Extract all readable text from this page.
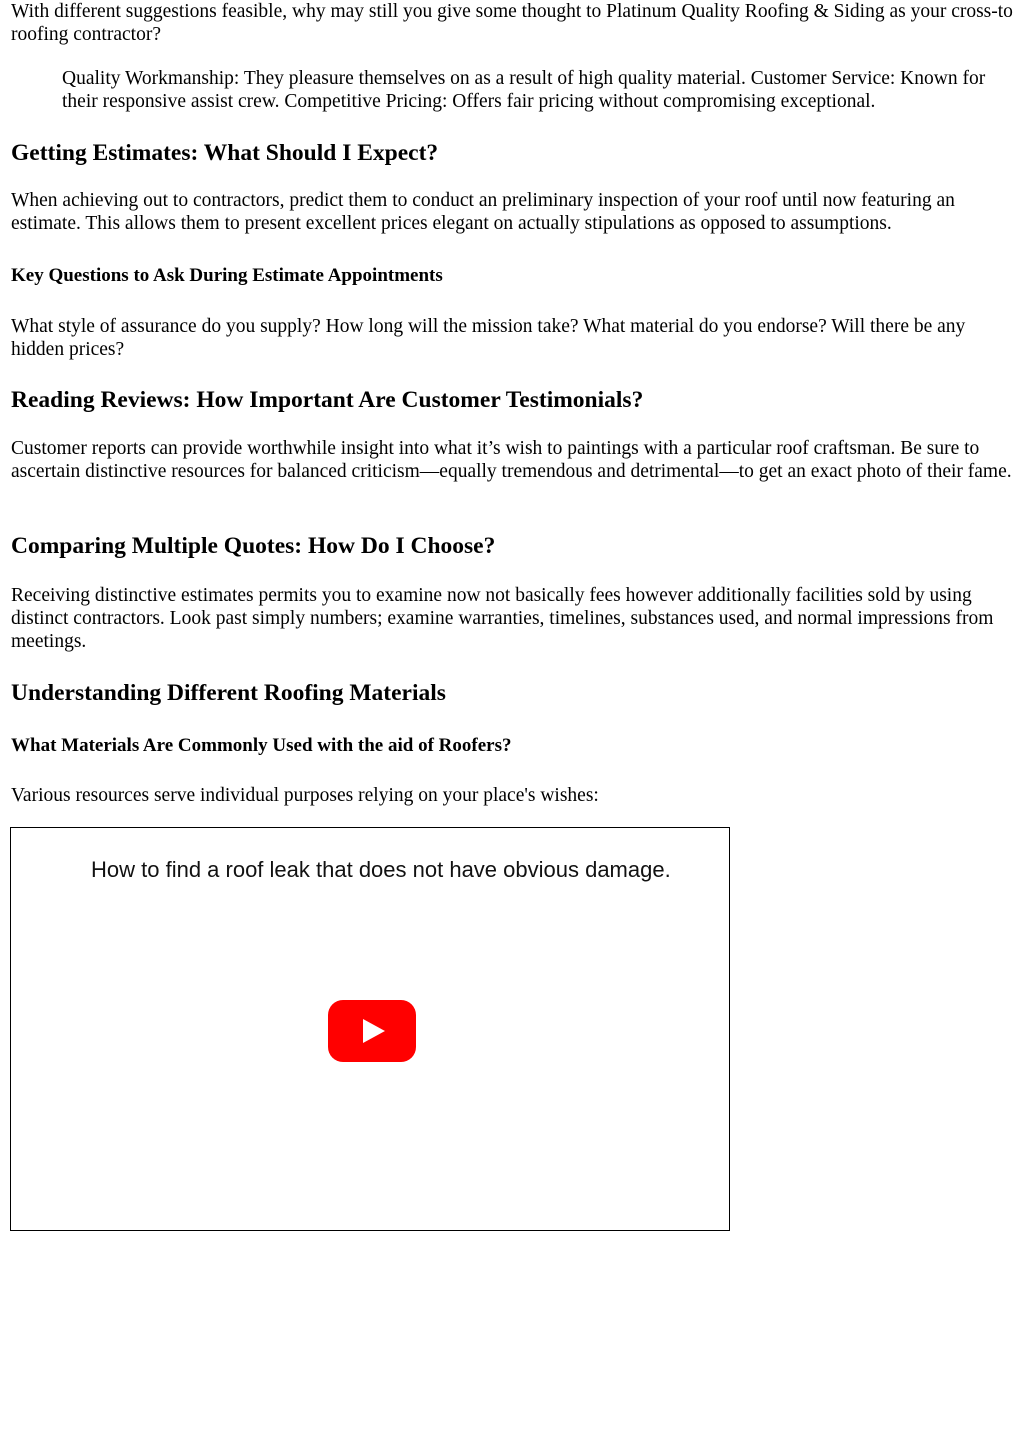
With different suggestions feasible, why may still you give some thought to Platinum Quality Roofing & Siding as your cross-to roofing contractor?

Quality Workmanship: They pleasure themselves on as a result of high quality material. Customer Service: Known for their responsive assist crew. Competitive Pricing: Offers fair pricing without compromising exceptional.

Getting Estimates: What Should I Expect?

When achieving out to contractors, predict them to conduct an preliminary inspection of your roof until now featuring an estimate. This allows them to present excellent prices elegant on actually stipulations as opposed to assumptions.

Key Questions to Ask During Estimate Appointments

What style of assurance do you supply? How long will the mission take? What material do you endorse? Will there be any hidden prices?

Reading Reviews: How Important Are Customer Testimonials?

Customer reports can provide worthwhile insight into what it’s wish to paintings with a particular roof craftsman. Be sure to ascertain distinctive resources for balanced criticism—equally tremendous and detrimental—to get an exact photo of their fame.

Comparing Multiple Quotes: How Do I Choose?

Receiving distinctive estimates permits you to examine now not basically fees however additionally facilities sold by using distinct contractors. Look past simply numbers; examine warranties, timelines, substances used, and normal impressions from meetings.

Understanding Different Roofing Materials
What Materials Are Commonly Used with the aid of Roofers?

Various resources serve individual purposes relying on your place's wishes:

How to find a roof leak that does not have obvious damage.
